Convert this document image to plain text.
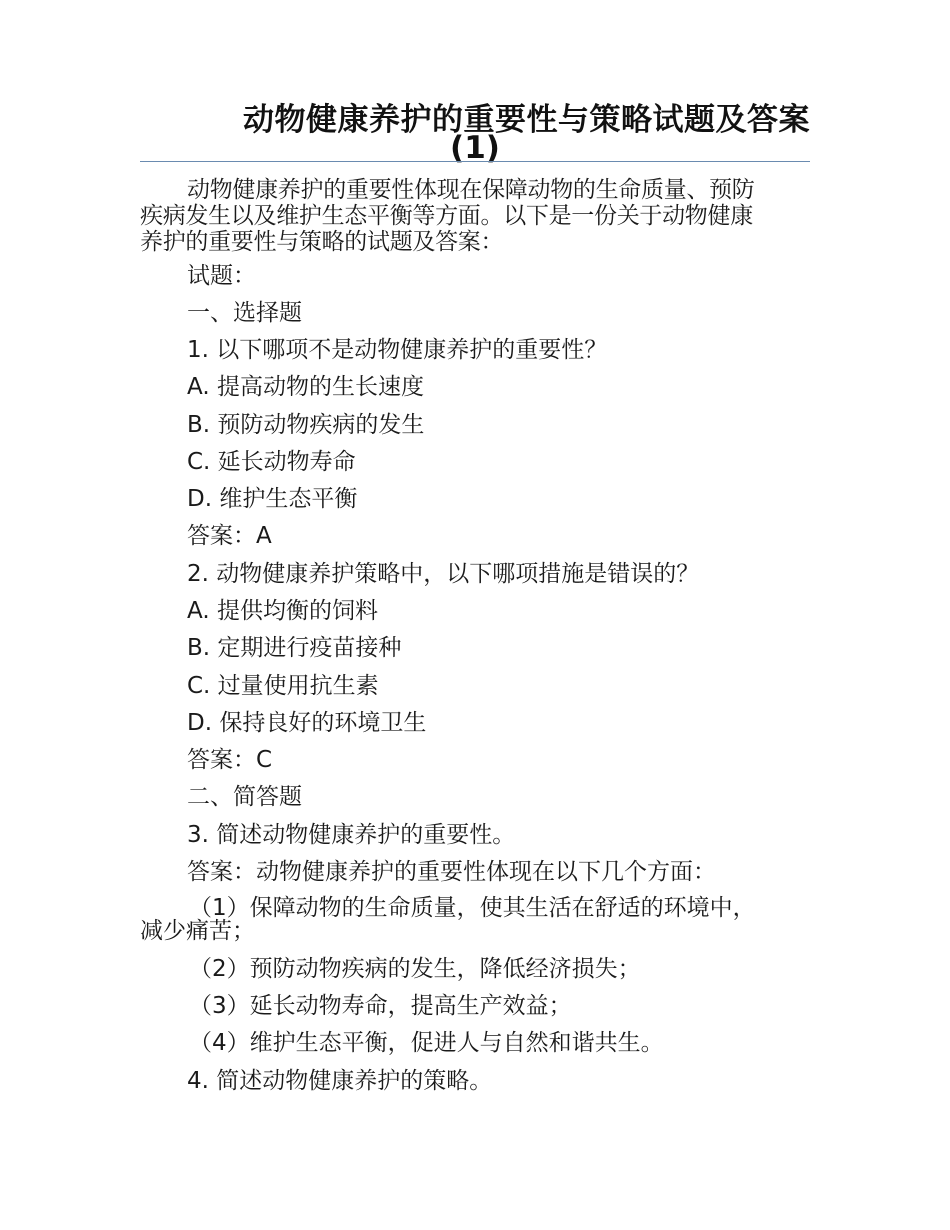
动物健康养护的重要性与策略试题及答案
(1)
动物健康养护的重要性体现在保障动物的生命质量、预防
疾病发生以及维护生态平衡等方面。以下是一份关于动物健康
养护的重要性与策略的试题及答案：
试题：
一、选择题
1. 以下哪项不是动物健康养护的重要性？
A. 提高动物的生长速度
B. 预防动物疾病的发生
C. 延长动物寿命
D. 维护生态平衡
答案：A
2. 动物健康养护策略中，以下哪项措施是错误的？
A. 提供均衡的饲料
B. 定期进行疫苗接种
C. 过量使用抗生素
D. 保持良好的环境卫生
答案：C
二、简答题
3. 简述动物健康养护的重要性。
答案：动物健康养护的重要性体现在以下几个方面：
（1）保障动物的生命质量，使其生活在舒适的环境中，
减少痛苦；
（2）预防动物疾病的发生，降低经济损失；
（3）延长动物寿命，提高生产效益；
（4）维护生态平衡，促进人与自然和谐共生。
4. 简述动物健康养护的策略。
